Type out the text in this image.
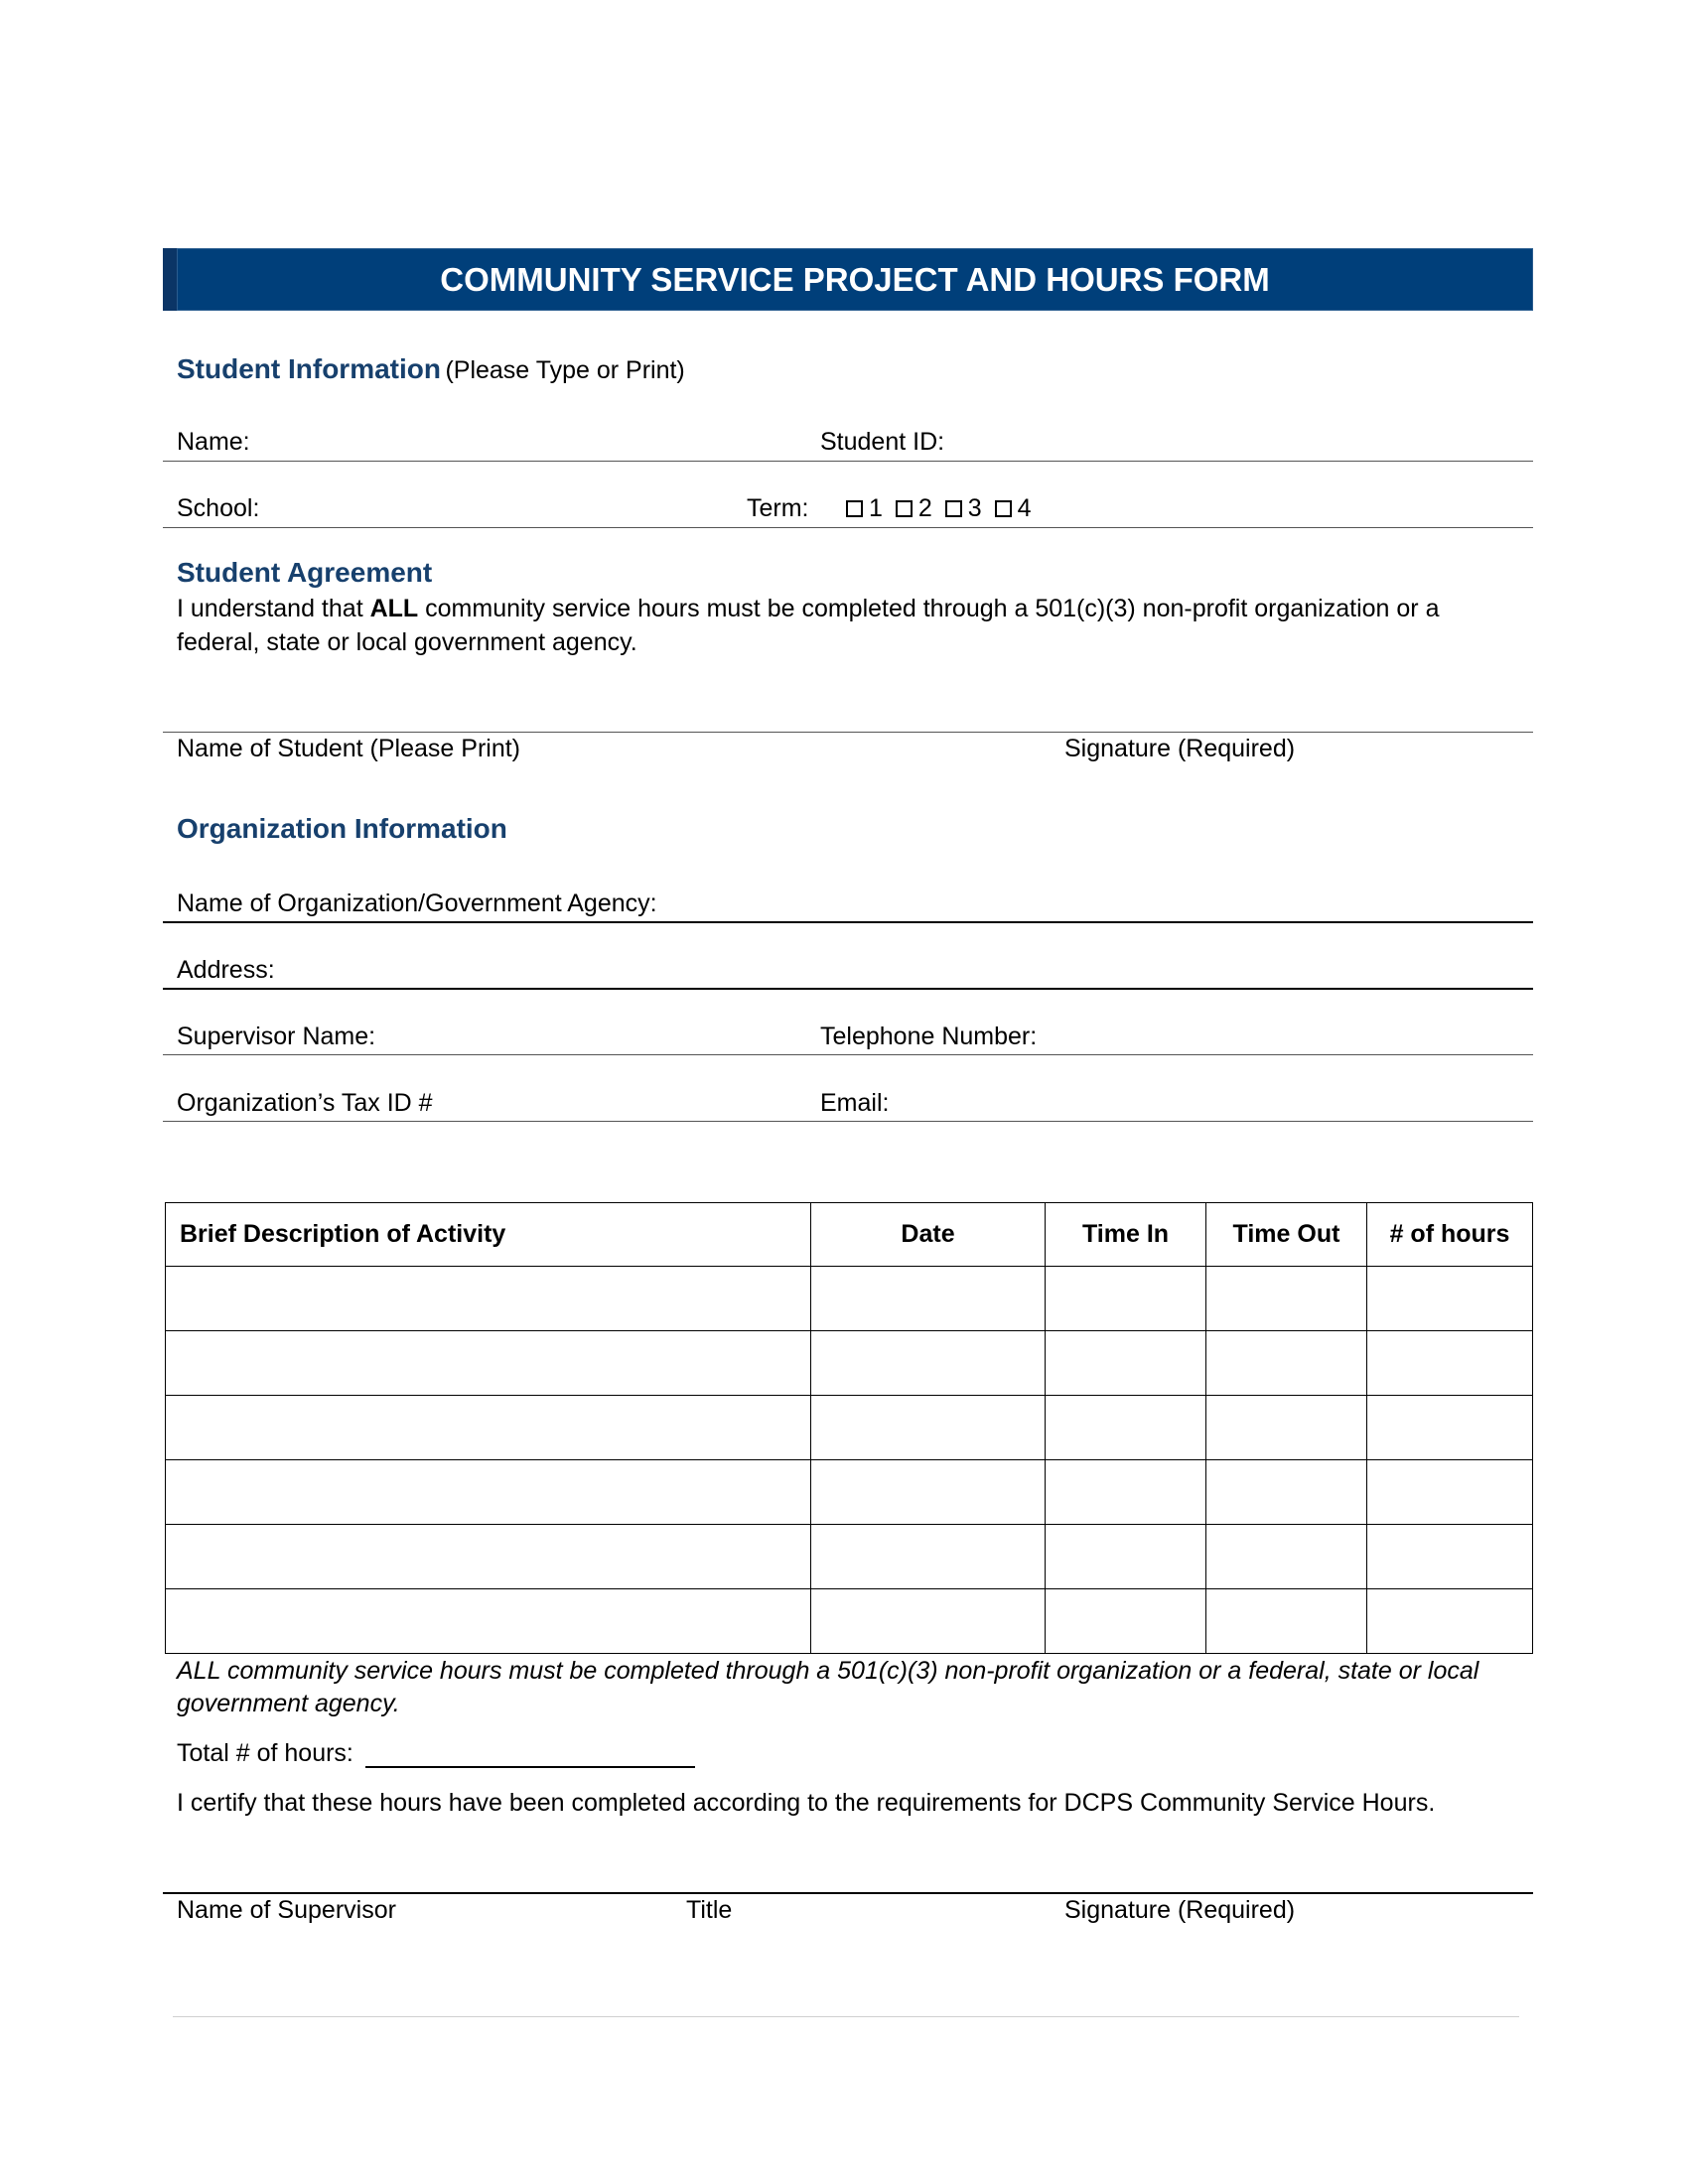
COMMUNITY SERVICE PROJECT AND HOURS FORM
Student Information (Please Type or Print)
Name:	Student ID:
School:	Term:	1 2 3 4
Student Agreement
I understand that ALL community service hours must be completed through a 501(c)(3) non-profit organization or a
federal, state or local government agency.
Name of Student (Please Print)	Signature (Required)
Organization Information
Name of Organization/Government Agency:
Address:
Supervisor Name:	Telephone Number:
Organization’s Tax ID #	Email:
Brief Description of Activity	Date	Time In	Time Out	# of hours

ALL community service hours must be completed through a 501(c)(3) non-profit organization or a federal, state or local
government agency.
Total # of hours:
I certify that these hours have been completed according to the requirements for DCPS Community Service Hours.
Name of Supervisor	Title	Signature (Required)
